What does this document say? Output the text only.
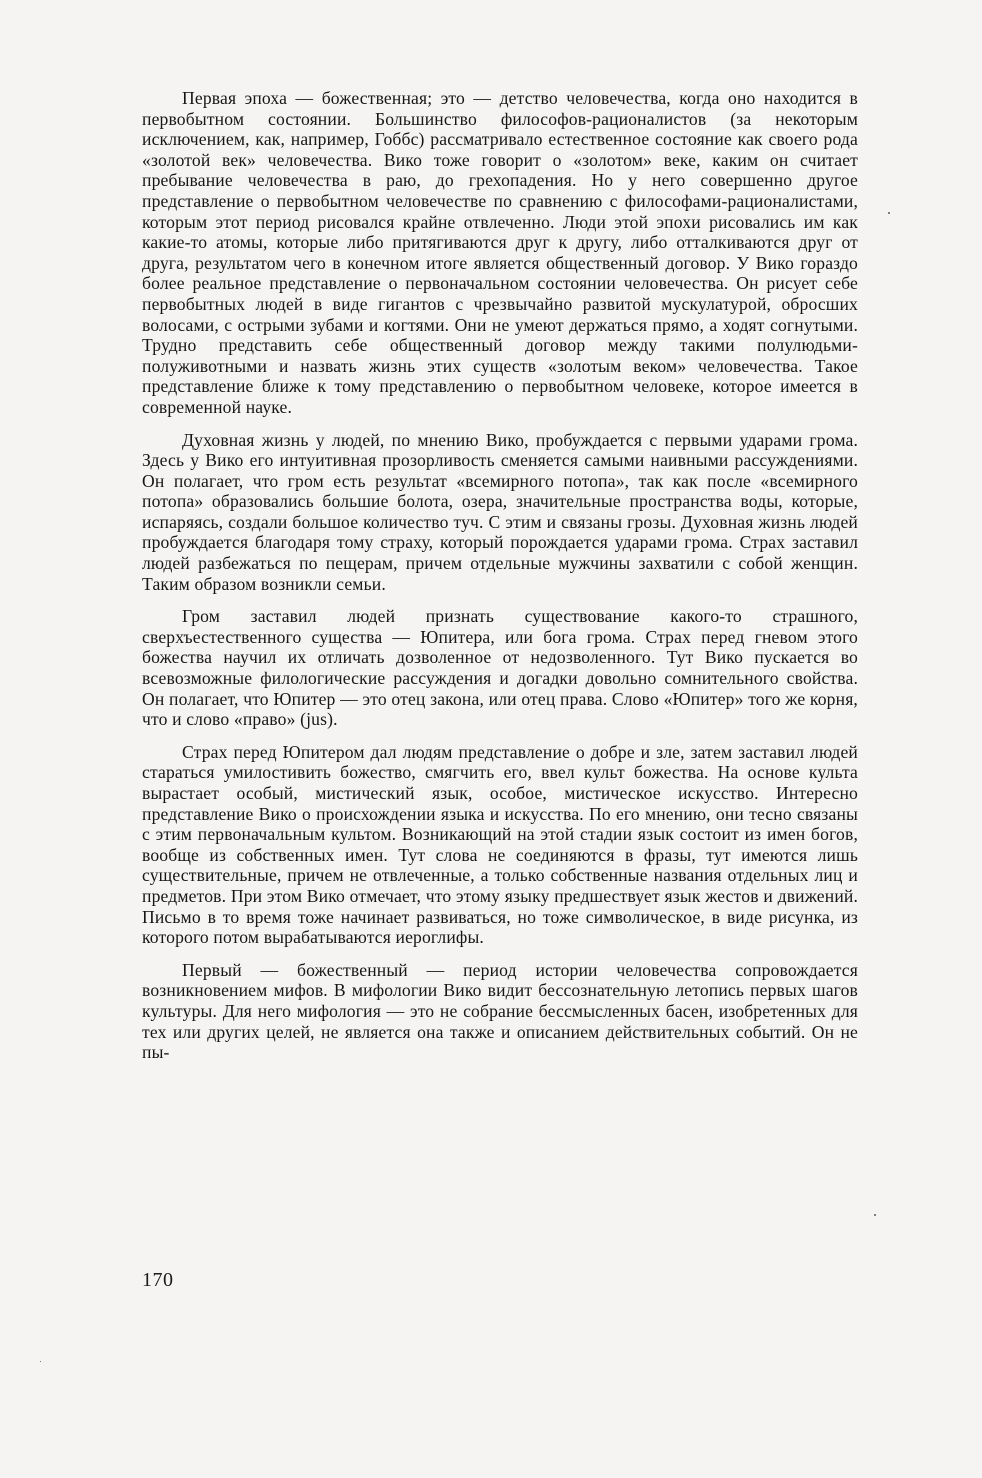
Первая эпоха — божественная; это — детство человечества, когда оно находится в первобытном состоянии. Большинство философов-рационалистов (за некоторым исключением, как, например, Гоббс) рассматривало естественное состояние как своего рода «золотой век» человечества. Вико тоже говорит о «золотом» веке, каким он считает пребывание человечества в раю, до грехопадения. Но у него совершенно другое представление о первобытном человечестве по сравнению с философами-рационалистами, которым этот период рисовался крайне отвлеченно. Люди этой эпохи рисовались им как какие-то атомы, которые либо притягиваются друг к другу, либо отталкиваются друг от друга, результатом чего в конечном итоге является общественный договор. У Вико гораздо более реальное представление о первоначальном состоянии человечества. Он рисует себе первобытных людей в виде гигантов с чрезвычайно развитой мускулатурой, обросших волосами, с острыми зубами и когтями. Они не умеют держаться прямо, а ходят согнутыми. Трудно представить себе общественный договор между такими полулюдьми-полуживотными и назвать жизнь этих существ «золотым веком» человечества. Такое представление ближе к тому представлению о первобытном человеке, которое имеется в современной науке.

Духовная жизнь у людей, по мнению Вико, пробуждается с первыми ударами грома. Здесь у Вико его интуитивная прозорливость сменяется самыми наивными рассуждениями. Он полагает, что гром есть результат «всемирного потопа», так как после «всемирного потопа» образовались большие болота, озера, значительные пространства воды, которые, испаряясь, создали большое количество туч. С этим и связаны грозы. Духовная жизнь людей пробуждается благодаря тому страху, который порождается ударами грома. Страх заставил людей разбежаться по пещерам, причем отдельные мужчины захватили с собой женщин. Таким образом возникли семьи.

Гром заставил людей признать существование какого-то страшного, сверхъестественного существа — Юпитера, или бога грома. Страх перед гневом этого божества научил их отличать дозволенное от недозволенного. Тут Вико пускается во всевозможные филологические рассуждения и догадки довольно сомнительного свойства. Он полагает, что Юпитер — это отец закона, или отец права. Слово «Юпитер» того же корня, что и слово «право» (jus).

Страх перед Юпитером дал людям представление о добре и зле, затем заставил людей стараться умилостивить божество, смягчить его, ввел культ божества. На основе культа вырастает особый, мистический язык, особое, мистическое искусство. Интересно представление Вико о происхождении языка и искусства. По его мнению, они тесно связаны с этим первоначальным культом. Возникающий на этой стадии язык состоит из имен богов, вообще из собственных имен. Тут слова не соединяются в фразы, тут имеются лишь существительные, причем не отвлеченные, а только собственные названия отдельных лиц и предметов. При этом Вико отмечает, что этому языку предшествует язык жестов и движений. Письмо в то время тоже начинает развиваться, но тоже символическое, в виде рисунка, из которого потом вырабатываются иероглифы.

Первый — божественный — период истории человечества сопровождается возникновением мифов. В мифологии Вико видит бессознательную летопись первых шагов культуры. Для него мифология — это не собрание бессмысленных басен, изобретенных для тех или других целей, не является она также и описанием действительных событий. Он не пы-

170
